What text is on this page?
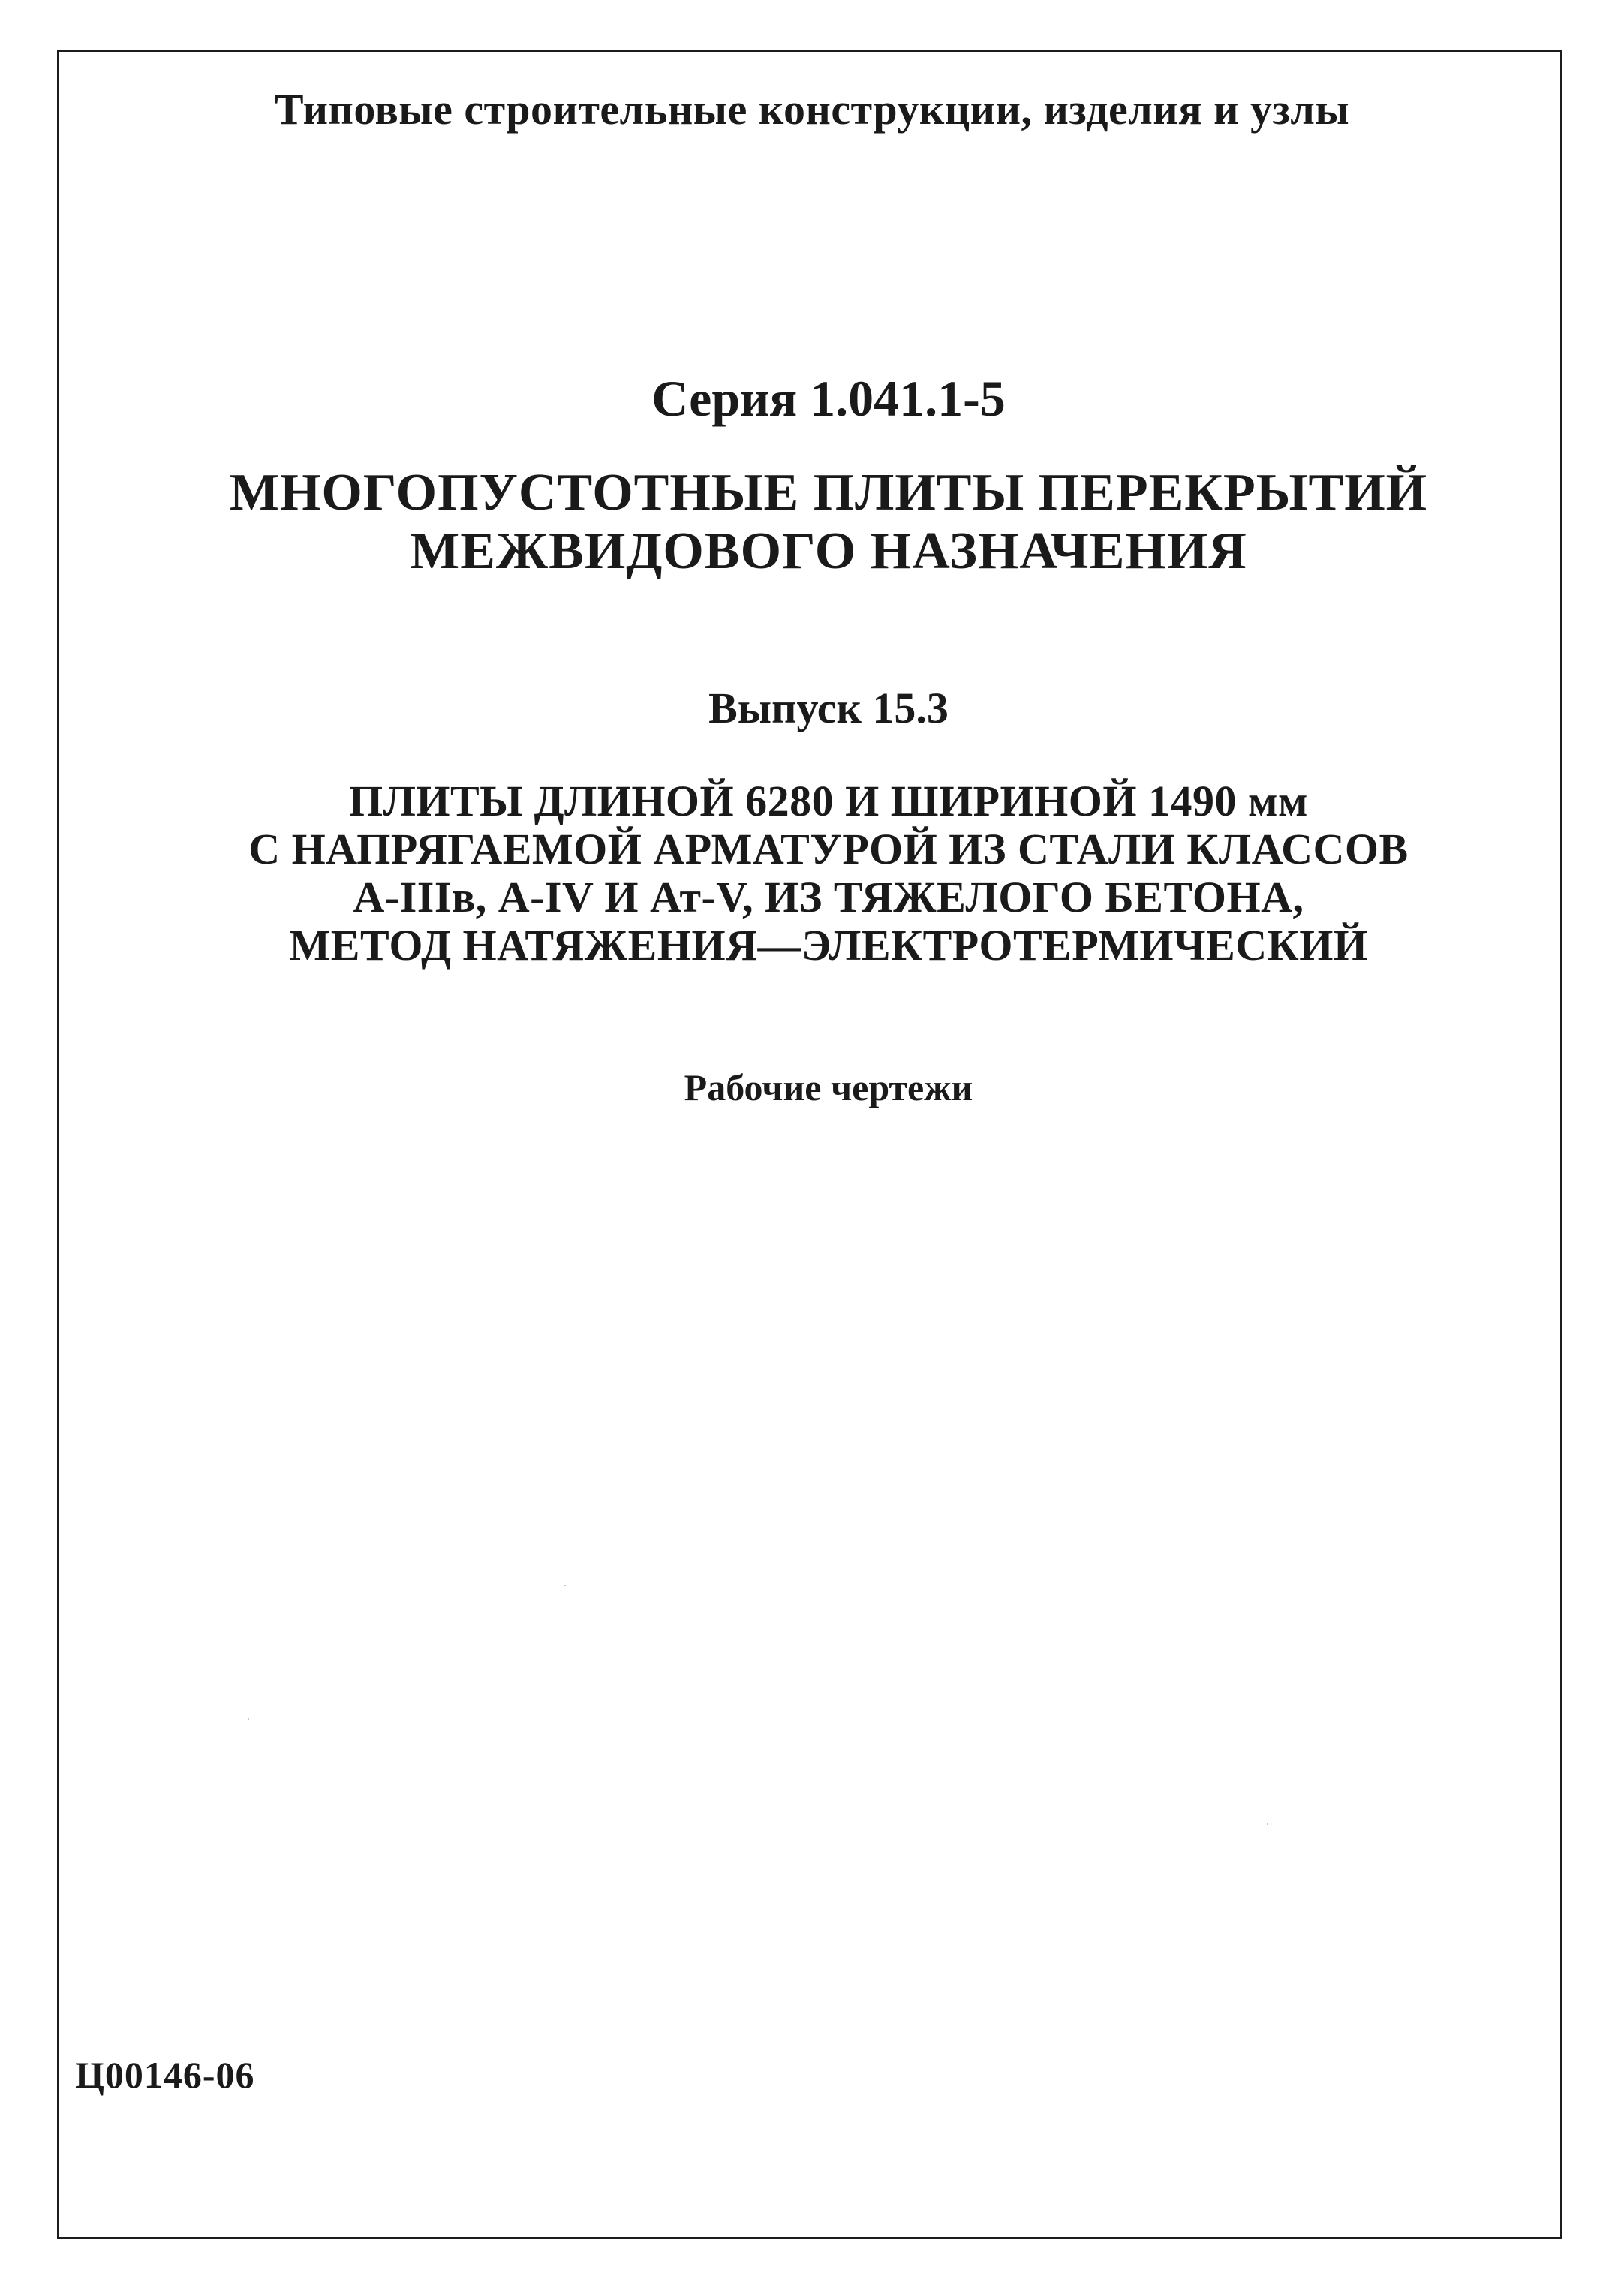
Типовые строительные конструкции, изделия и узлы
Серия 1.041.1-5
МНОГОПУСТОТНЫЕ ПЛИТЫ ПЕРЕКРЫТИЙ
МЕЖВИДОВОГО НАЗНАЧЕНИЯ
Выпуск 15.3
ПЛИТЫ ДЛИНОЙ 6280 И ШИРИНОЙ 1490 мм
С НАПРЯГАЕМОЙ АРМАТУРОЙ ИЗ СТАЛИ КЛАССОВ
А-IIIв, А-IV И Ат-V, ИЗ ТЯЖЕЛОГО БЕТОНА,
МЕТОД НАТЯЖЕНИЯ—ЭЛЕКТРОТЕРМИЧЕСКИЙ
Рабочие чертежи
Ц00146-06
